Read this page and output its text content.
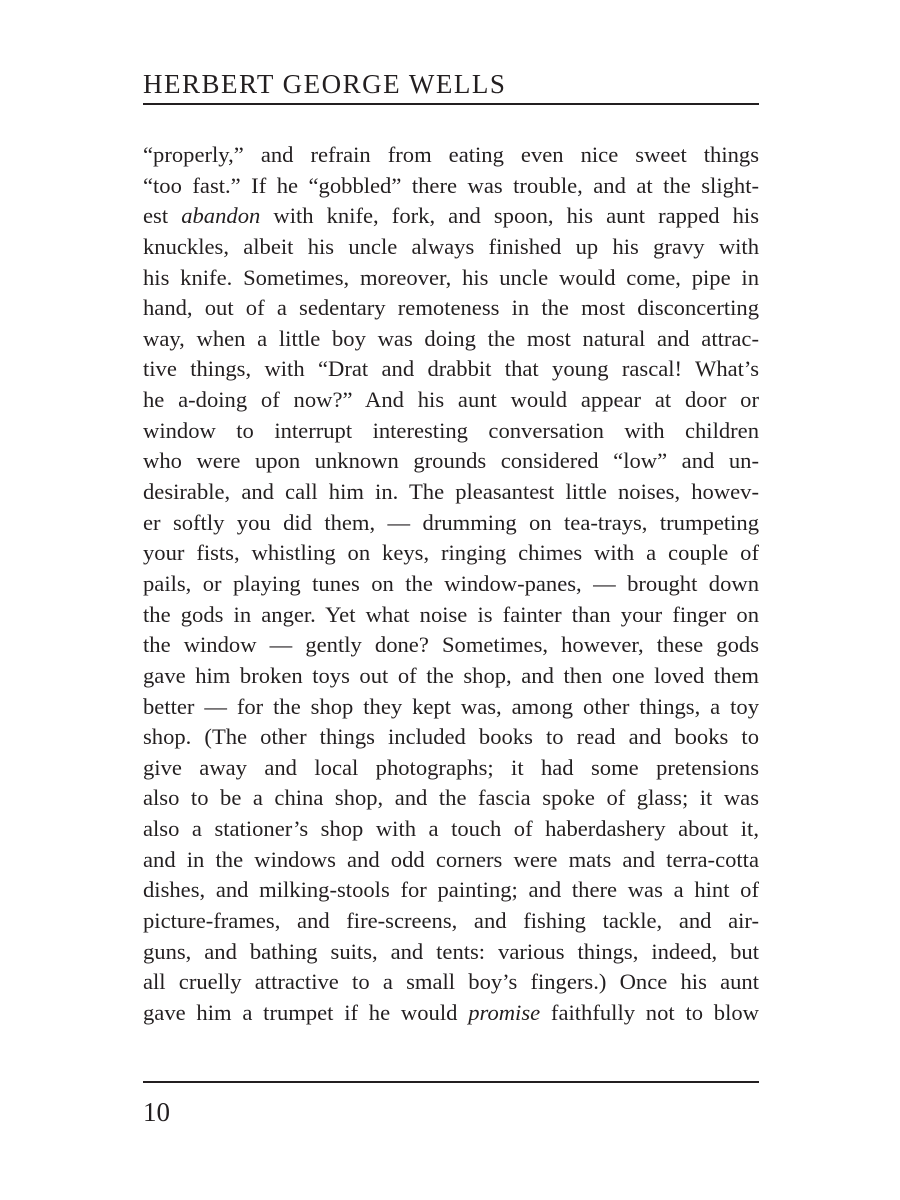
HERBERT GEORGE WELLS
“properly,” and refrain from eating even nice sweet things
“too fast.” If he “gobbled” there was trouble, and at the slight-
est abandon with knife, fork, and spoon, his aunt rapped his
knuckles, albeit his uncle always finished up his gravy with
his knife. Sometimes, moreover, his uncle would come, pipe in
hand, out of a sedentary remoteness in the most disconcerting
way, when a little boy was doing the most natural and attrac-
tive things, with “Drat and drabbit that young rascal! What’s
he a-doing of now?” And his aunt would appear at door or
window to interrupt interesting conversation with children
who were upon unknown grounds considered “low” and un-
desirable, and call him in. The pleasantest little noises, howev-
er softly you did them, — drumming on tea-trays, trumpeting
your fists, whistling on keys, ringing chimes with a couple of
pails, or playing tunes on the window-panes, — brought down
the gods in anger. Yet what noise is fainter than your finger on
the window — gently done? Sometimes, however, these gods
gave him broken toys out of the shop, and then one loved them
better — for the shop they kept was, among other things, a toy
shop. (The other things included books to read and books to
give away and local photographs; it had some pretensions
also to be a china shop, and the fascia spoke of glass; it was
also a stationer’s shop with a touch of haberdashery about it,
and in the windows and odd corners were mats and terra-cotta
dishes, and milking-stools for painting; and there was a hint of
picture-frames, and fire-screens, and fishing tackle, and air-
guns, and bathing suits, and tents: various things, indeed, but
all cruelly attractive to a small boy’s fingers.) Once his aunt
gave him a trumpet if he would promise faithfully not to blow
10
